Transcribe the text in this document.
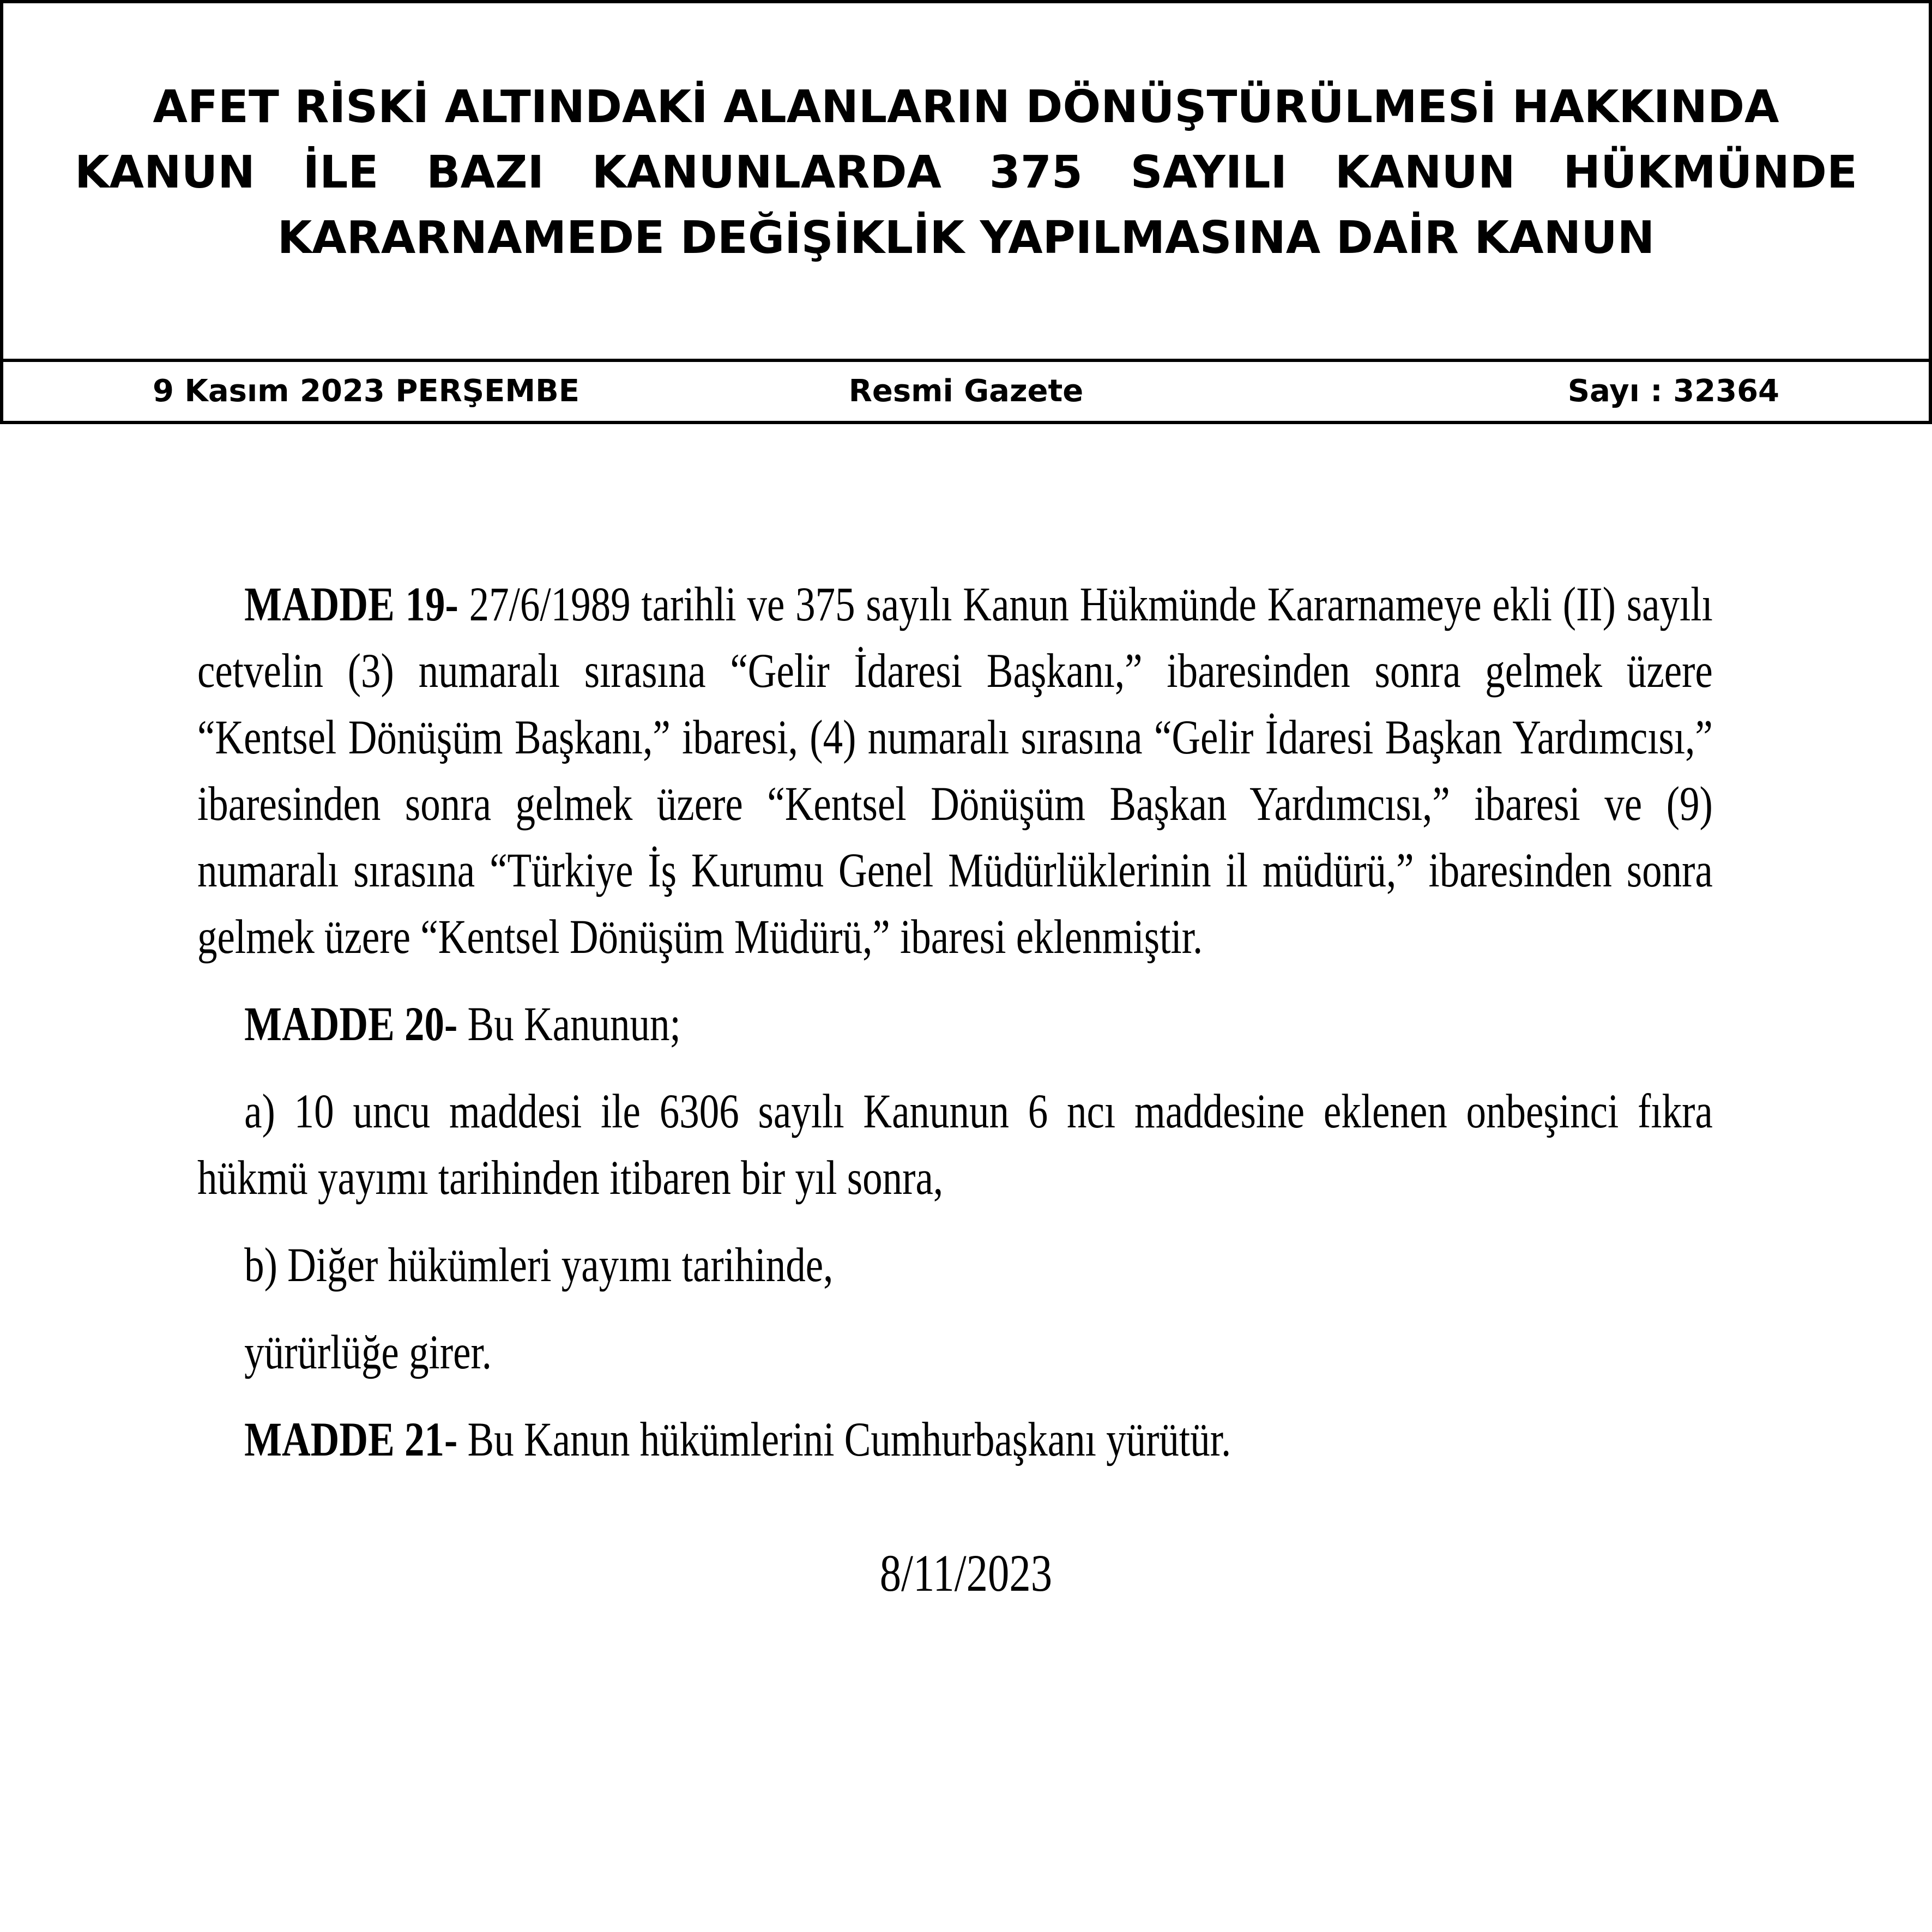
AFET RİSKİ ALTINDAKİ ALANLARIN DÖNÜŞTÜRÜLMESİ HAKKINDA
KANUN İLE BAZI KANUNLARDA 375 SAYILI KANUN HÜKMÜNDE
KARARNAMEDE DEĞİŞİKLİK YAPILMASINA DAİR KANUN
9 Kasım 2023 PERŞEMBE	Resmi Gazete	Sayı : 32364

MADDE 19- 27/6/1989 tarihli ve 375 sayılı Kanun Hükmünde Kararnameye ekli (II) sayılı cetvelin (3) numaralı sırasına “Gelir İdaresi Başkanı,” ibaresinden sonra gelmek üzere “Kentsel Dönüşüm Başkanı,” ibaresi, (4) numaralı sırasına “Gelir İdaresi Başkan Yardımcısı,” ibaresinden sonra gelmek üzere “Kentsel Dönüşüm Başkan Yardımcısı,” ibaresi ve (9) numaralı sırasına “Türkiye İş Kurumu Genel Müdürlüklerinin il müdürü,” ibaresinden sonra gelmek üzere “Kentsel Dönüşüm Müdürü,” ibaresi eklenmiştir.

MADDE 20- Bu Kanunun;

a) 10 uncu maddesi ile 6306 sayılı Kanunun 6 ncı maddesine eklenen onbeşinci fıkra hükmü yayımı tarihinden itibaren bir yıl sonra,

b) Diğer hükümleri yayımı tarihinde,

yürürlüğe girer.

MADDE 21- Bu Kanun hükümlerini Cumhurbaşkanı yürütür.

8/11/2023
